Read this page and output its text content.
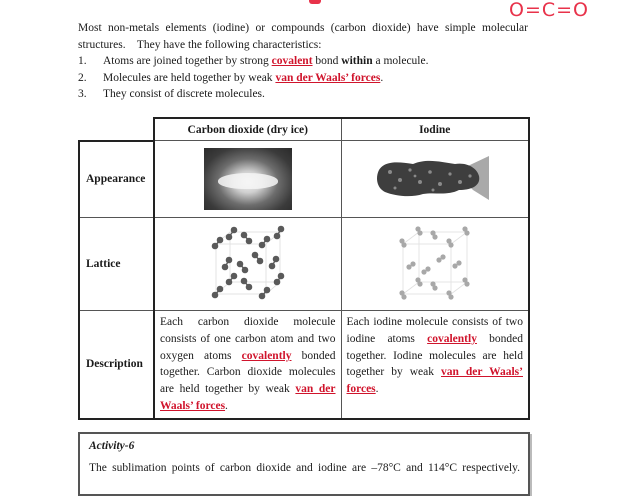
O=C=O

Most non-metals elements (iodine) or compounds (carbon dioxide) have simple molecular

structures.    They have the following characteristics:

1.	Atoms are joined together by strong covalent bond within a molecule.
2.	Molecules are held together by weak van der Waals’ forces.
3.	They consist of discrete molecules.
	Carbon dioxide (dry ice)	Iodine
Appearance		
Lattice		
Description	Each carbon dioxide molecule consists of one carbon atom and two oxygen atoms covalently bonded together. Carbon dioxide molecules are held together by weak van der Waals’ forces.	Each iodine molecule consists of two iodine atoms covalently bonded together. Iodine molecules are held together by weak van der Waals’ forces.
Activity-6
The sublimation points of carbon dioxide and iodine are –78°C and 114°C respectively.
